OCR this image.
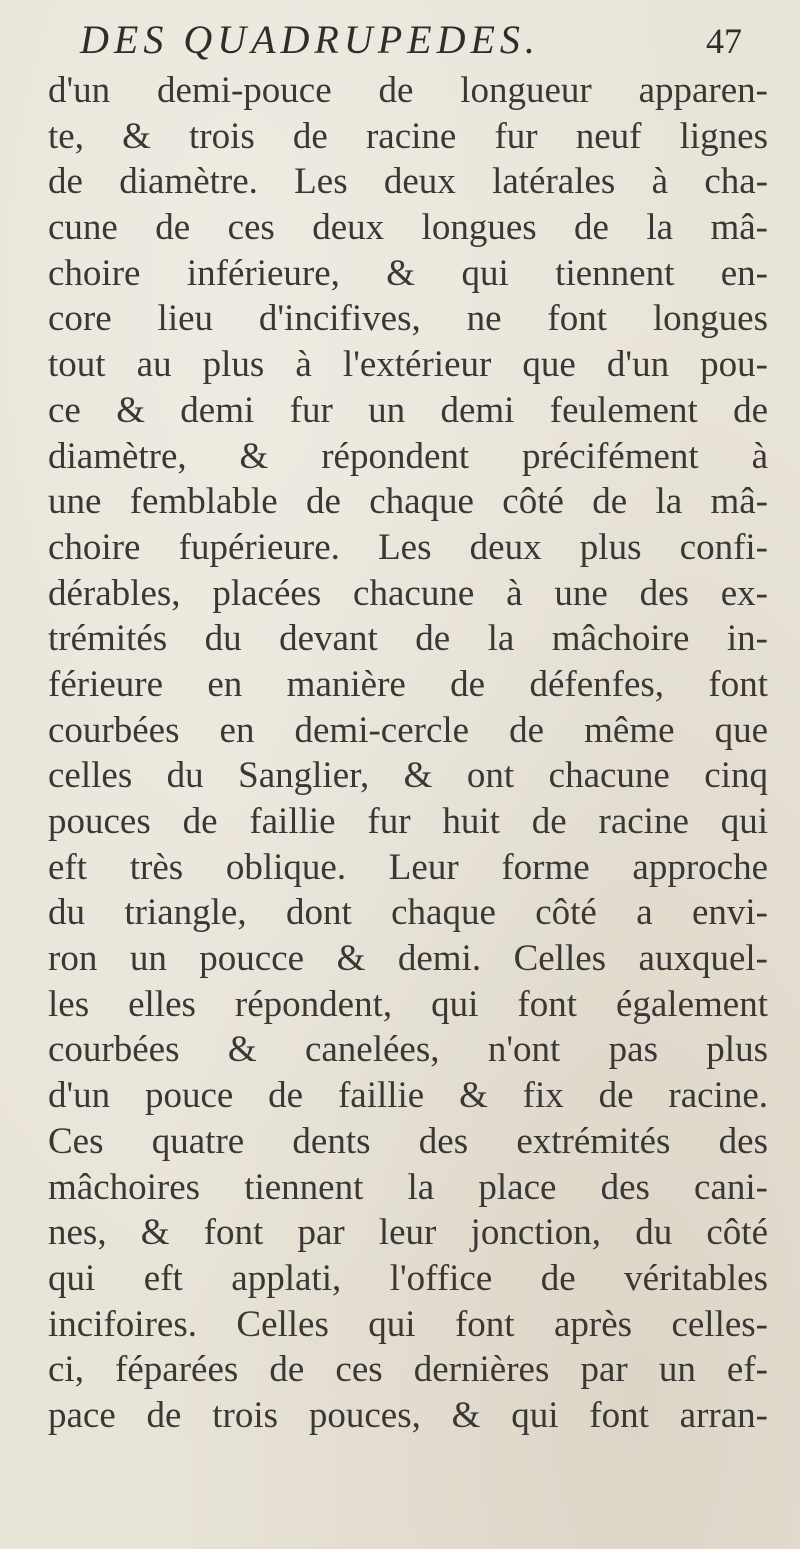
DES QUADRUPEDES.	47
d'un demi-pouce de longueur apparen-
te, & trois de racine fur neuf lignes
de diamètre. Les deux latérales à cha-
cune de ces deux longues de la mâ-
choire inférieure, & qui tiennent en-
core lieu d'incifives, ne font longues
tout au plus à l'extérieur que d'un pou-
ce & demi fur un demi feulement de
diamètre, & répondent précifément à
une femblable de chaque côté de la mâ-
choire fupérieure. Les deux plus confi-
dérables, placées chacune à une des ex-
trémités du devant de la mâchoire in-
férieure en manière de défenfes, font
courbées en demi-cercle de même que
celles du Sanglier, & ont chacune cinq
pouces de faillie fur huit de racine qui
eft très oblique. Leur forme approche
du triangle, dont chaque côté a envi-
ron un poucce & demi. Celles auxquel-
les elles répondent, qui font également
courbées & canelées, n'ont pas plus
d'un pouce de faillie & fix de racine.
Ces quatre dents des extrémités des
mâchoires tiennent la place des cani-
nes, & font par leur jonction, du côté
qui eft applati, l'office de véritables
incifoires. Celles qui font après celles-
ci, féparées de ces dernières par un ef-
pace de trois pouces, & qui font arran-
